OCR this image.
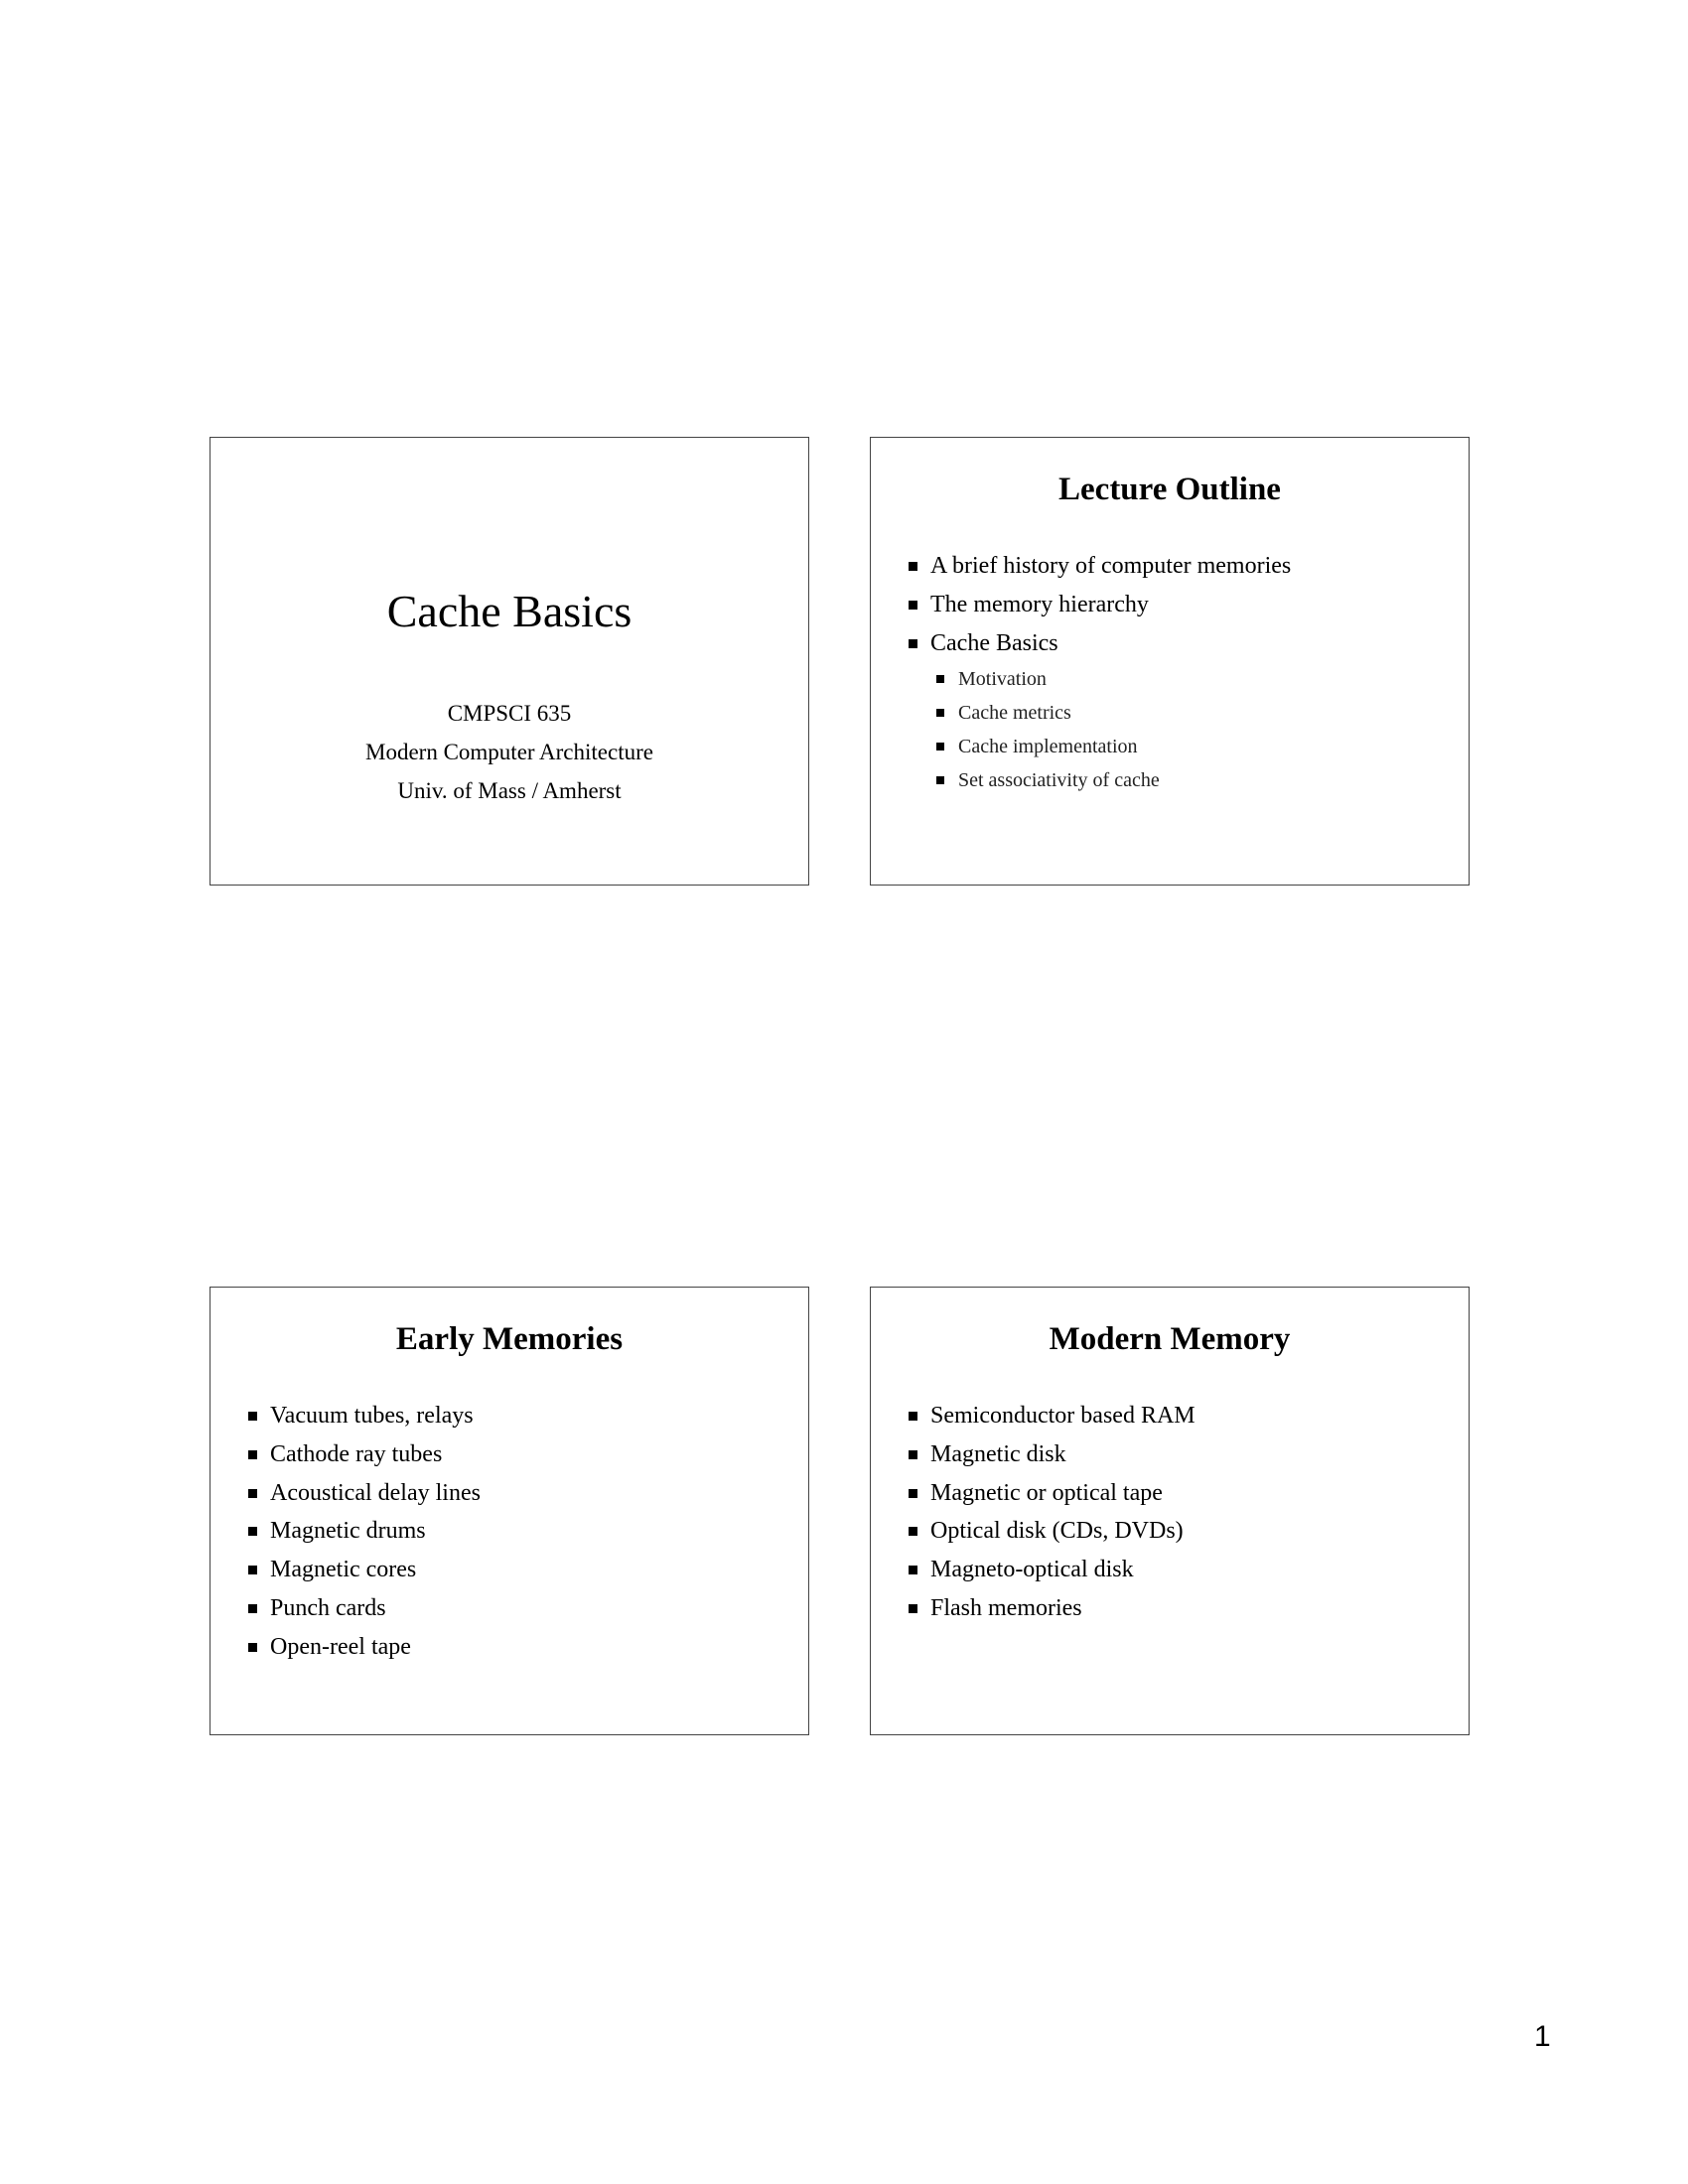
Cache Basics
CMPSCI 635
Modern Computer Architecture
Univ. of Mass / Amherst
Lecture Outline
A brief history of computer memories
The memory hierarchy
Cache Basics
Motivation
Cache metrics
Cache implementation
Set associativity of cache
Early Memories
Vacuum tubes, relays
Cathode ray tubes
Acoustical delay lines
Magnetic drums
Magnetic cores
Punch cards
Open-reel tape
Modern Memory
Semiconductor based RAM
Magnetic disk
Magnetic or optical tape
Optical disk (CDs, DVDs)
Magneto-optical disk
Flash memories
1
